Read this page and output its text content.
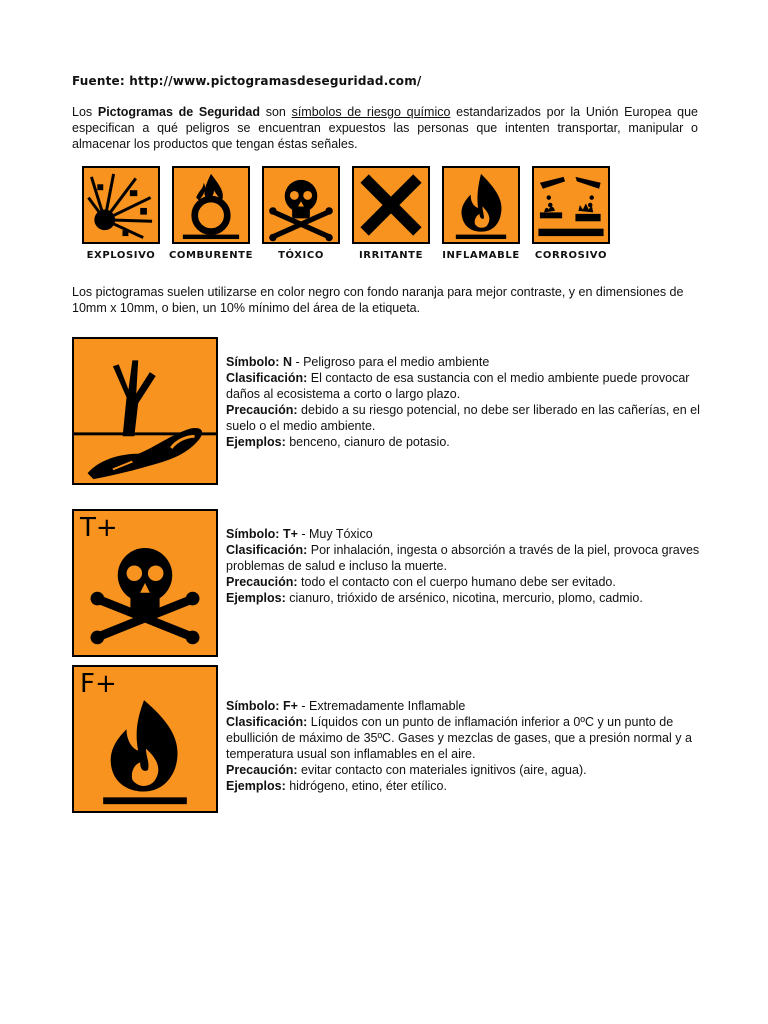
Fuente: http://www.pictogramasdeseguridad.com/
Los Pictogramas de Seguridad son símbolos de riesgo químico estandarizados por la Unión Europea que especifican a qué peligros se encuentran expuestos las personas que intenten transportar, manipular o almacenar los productos que tengan éstas señales.
EXPLOSIVO	COMBURENTE	TÓXICO	IRRITANTE	INFLAMABLE	CORROSIVO
Los pictogramas suelen utilizarse en color negro con fondo naranja para mejor contraste, y en dimensiones de 10mm x 10mm, o bien, un 10% mínimo del área de la etiqueta.
Símbolo: N - Peligroso para el medio ambiente
Clasificación: El contacto de esa sustancia con el medio ambiente puede provocar daños al ecosistema a corto o largo plazo.
Precaución: debido a su riesgo potencial, no debe ser liberado en las cañerías, en el suelo o el medio ambiente.
Ejemplos: benceno, cianuro de potasio.
T+	Símbolo: T+ - Muy Tóxico
Clasificación: Por inhalación, ingesta o absorción a través de la piel, provoca graves problemas de salud e incluso la muerte.
Precaución: todo el contacto con el cuerpo humano debe ser evitado.
Ejemplos: cianuro, trióxido de arsénico, nicotina, mercurio, plomo, cadmio.
F+
Símbolo: F+ - Extremadamente Inflamable
Clasificación: Líquidos con un punto de inflamación inferior a 0ºC y un punto de ebullición de máximo de 35ºC. Gases y mezclas de gases, que a presión normal y a temperatura usual son inflamables en el aire.
Precaución: evitar contacto con materiales ignitivos (aire, agua).
Ejemplos: hidrógeno, etino, éter etílico.
